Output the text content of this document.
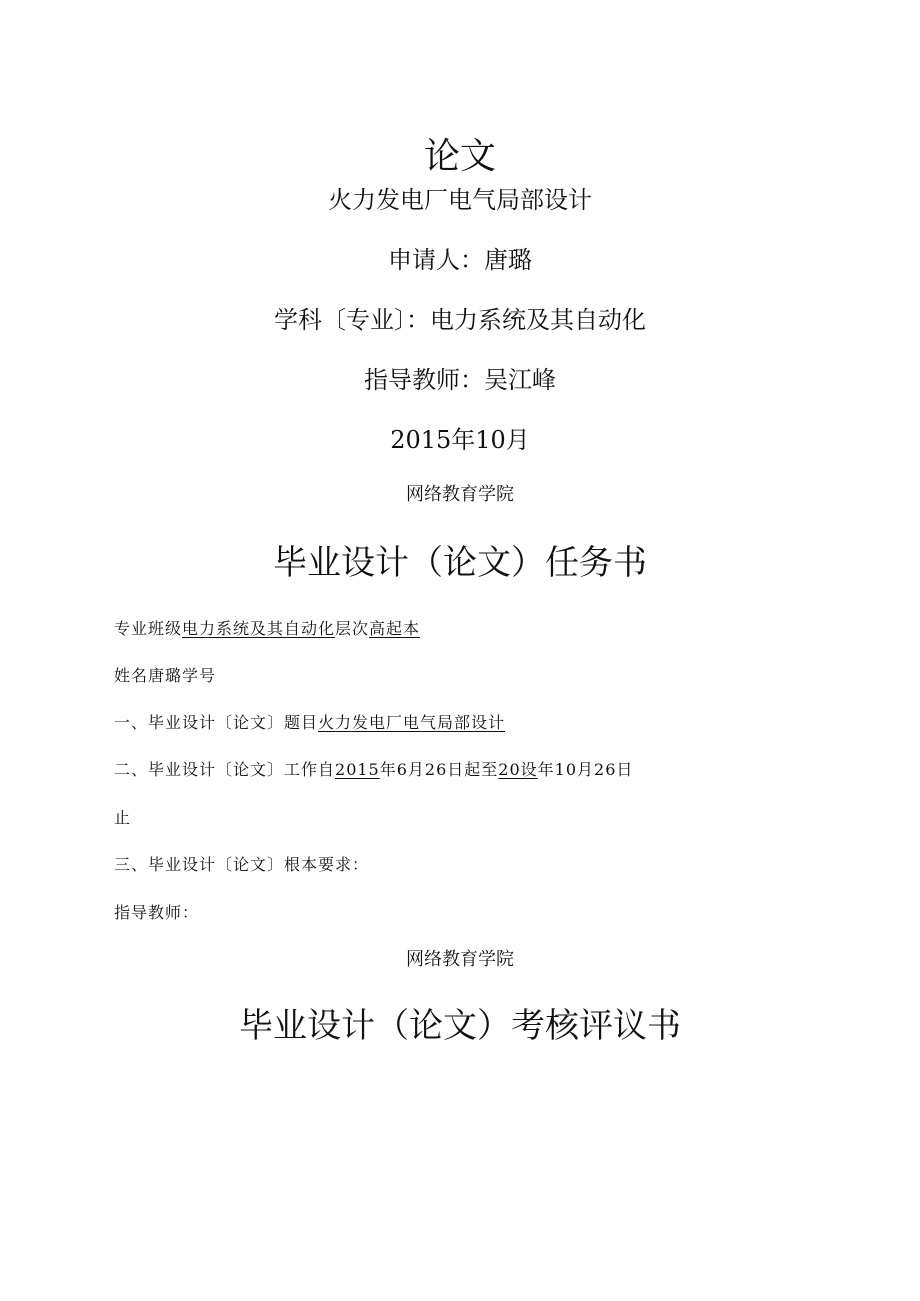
论文
火力发电厂电气局部设计
申请人：唐璐
学科〔专业〕：电力系统及其自动化
指导教师：吴江峰
2015年10月
网络教育学院
毕业设计（论文）任务书
专业班级电力系统及其自动化层次高起本
姓名唐璐学号
一、毕业设计〔论文〕题目火力发电厂电气局部设计
二、毕业设计〔论文〕工作自2015年6月26日起至20设年10月26日
止
三、毕业设计〔论文〕根本要求：
指导教师：
网络教育学院
毕业设计（论文）考核评议书
